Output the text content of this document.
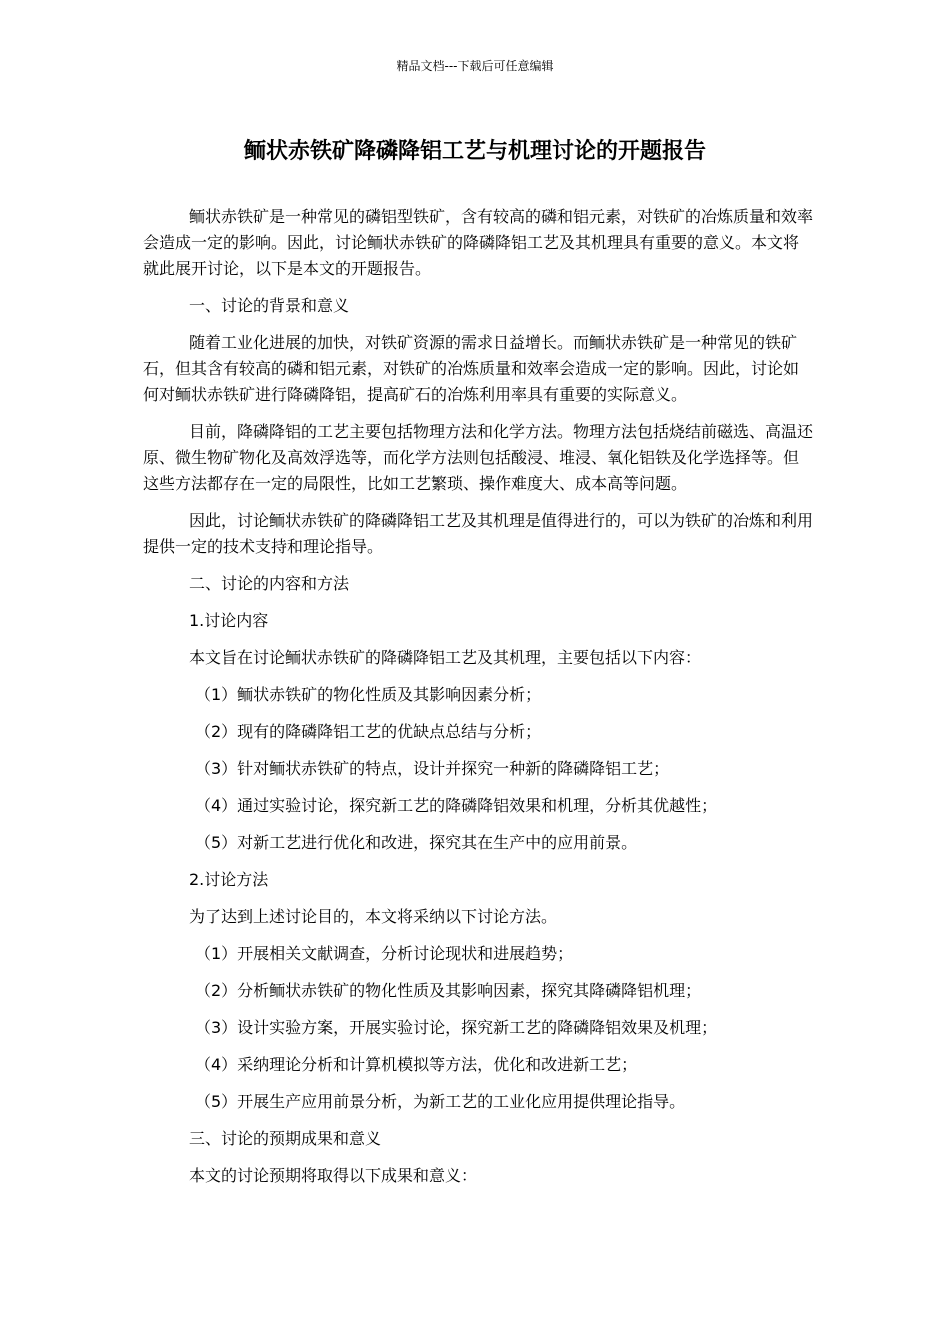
精品文档---下载后可任意编辑
鲕状赤铁矿降磷降铝工艺与机理讨论的开题报告

鲕状赤铁矿是一种常见的磷铝型铁矿，含有较高的磷和铝元素，对铁矿的冶炼质量和效率会造成一定的影响。因此，讨论鲕状赤铁矿的降磷降铝工艺及其机理具有重要的意义。本文将就此展开讨论，以下是本文的开题报告。

一、讨论的背景和意义

随着工业化进展的加快，对铁矿资源的需求日益增长。而鲕状赤铁矿是一种常见的铁矿石，但其含有较高的磷和铝元素，对铁矿的冶炼质量和效率会造成一定的影响。因此，讨论如何对鲕状赤铁矿进行降磷降铝，提高矿石的冶炼利用率具有重要的实际意义。

目前，降磷降铝的工艺主要包括物理方法和化学方法。物理方法包括烧结前磁选、高温还原、微生物矿物化及高效浮选等，而化学方法则包括酸浸、堆浸、氧化铝铁及化学选择等。但这些方法都存在一定的局限性，比如工艺繁琐、操作难度大、成本高等问题。

因此，讨论鲕状赤铁矿的降磷降铝工艺及其机理是值得进行的，可以为铁矿的冶炼和利用提供一定的技术支持和理论指导。

二、讨论的内容和方法

1.讨论内容

本文旨在讨论鲕状赤铁矿的降磷降铝工艺及其机理，主要包括以下内容：

（1）鲕状赤铁矿的物化性质及其影响因素分析；

（2）现有的降磷降铝工艺的优缺点总结与分析；

（3）针对鲕状赤铁矿的特点，设计并探究一种新的降磷降铝工艺；

（4）通过实验讨论，探究新工艺的降磷降铝效果和机理，分析其优越性；

（5）对新工艺进行优化和改进，探究其在生产中的应用前景。

2.讨论方法

为了达到上述讨论目的，本文将采纳以下讨论方法。

（1）开展相关文献调查，分析讨论现状和进展趋势；

（2）分析鲕状赤铁矿的物化性质及其影响因素，探究其降磷降铝机理；

（3）设计实验方案，开展实验讨论，探究新工艺的降磷降铝效果及机理；

（4）采纳理论分析和计算机模拟等方法，优化和改进新工艺；

（5）开展生产应用前景分析，为新工艺的工业化应用提供理论指导。

三、讨论的预期成果和意义

本文的讨论预期将取得以下成果和意义：
